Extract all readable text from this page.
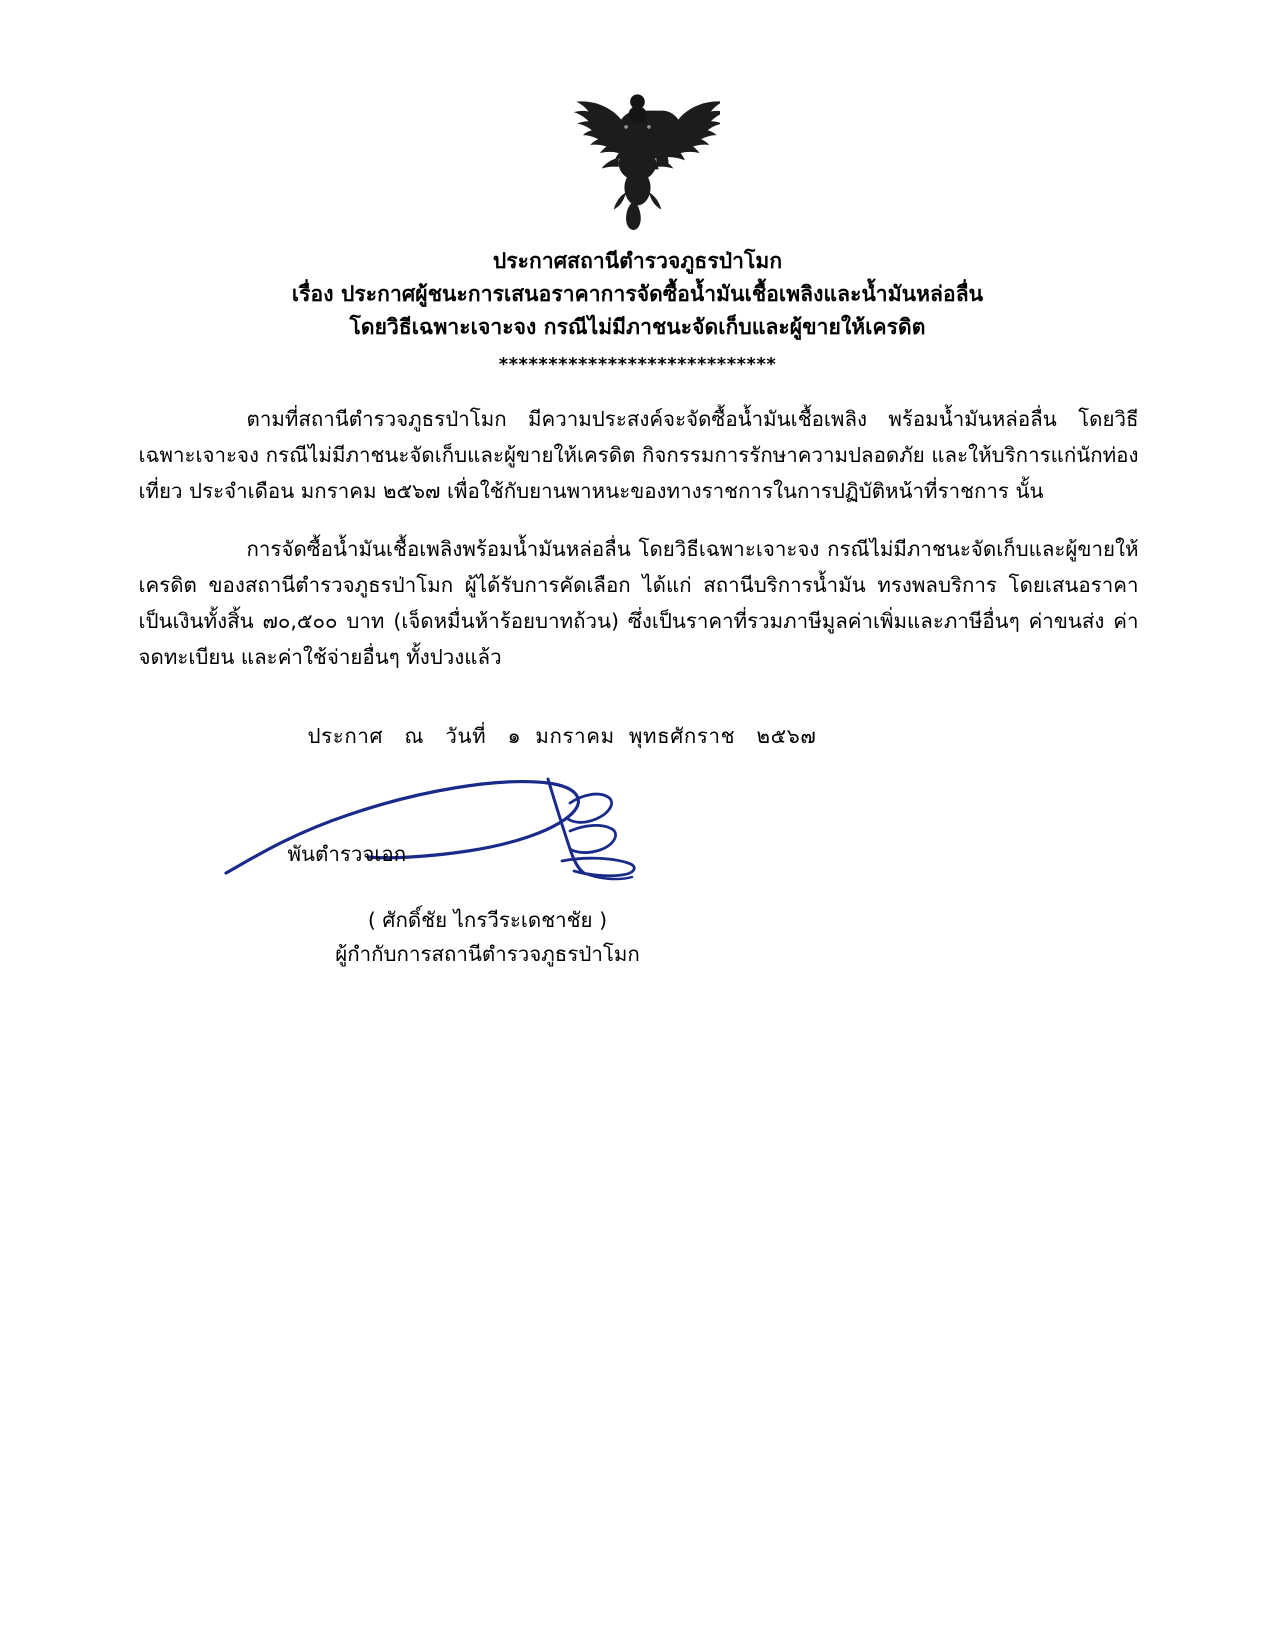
ประกาศสถานีตำรวจภูธรป่าโมก
เรื่อง ประกาศผู้ชนะการเสนอราคาการจัดซื้อน้ำมันเชื้อเพลิงและน้ำมันหล่อลื่น
โดยวิธีเฉพาะเจาะจง กรณีไม่มีภาชนะจัดเก็บและผู้ขายให้เครดิต
****************************

ตามที่สถานีตำรวจภูธรป่าโมก มีความประสงค์จะจัดซื้อน้ำมันเชื้อเพลิง พร้อมน้ำมันหล่อลื่น โดยวิธีเฉพาะเจาะจง กรณีไม่มีภาชนะจัดเก็บและผู้ขายให้เครดิต กิจกรรมการรักษาความปลอดภัย และให้บริการแก่นักท่องเที่ยว ประจำเดือน มกราคม ๒๕๖๗ เพื่อใช้กับยานพาหนะของทางราชการในการปฏิบัติหน้าที่ราชการ นั้น

การจัดซื้อน้ำมันเชื้อเพลิงพร้อมน้ำมันหล่อลื่น โดยวิธีเฉพาะเจาะจง กรณีไม่มีภาชนะจัดเก็บและผู้ขายให้เครดิต ของสถานีตำรวจภูธรป่าโมก ผู้ได้รับการคัดเลือก ได้แก่ สถานีบริการน้ำมัน ทรงพลบริการ โดยเสนอราคาเป็นเงินทั้งสิ้น ๗๐,๕๐๐ บาท (เจ็ดหมื่นห้าร้อยบาทถ้วน) ซึ่งเป็นราคาที่รวมภาษีมูลค่าเพิ่มและภาษีอื่นๆ ค่าขนส่ง ค่าจดทะเบียน และค่าใช้จ่ายอื่นๆ ทั้งปวงแล้ว

ประกาศ   ณ   วันที่   ๑  มกราคม  พุทธศักราช   ๒๕๖๗
พันตำรวจเอก
( ศักดิ์ชัย ไกรวีระเดชาชัย )
ผู้กำกับการสถานีตำรวจภูธรป่าโมก
